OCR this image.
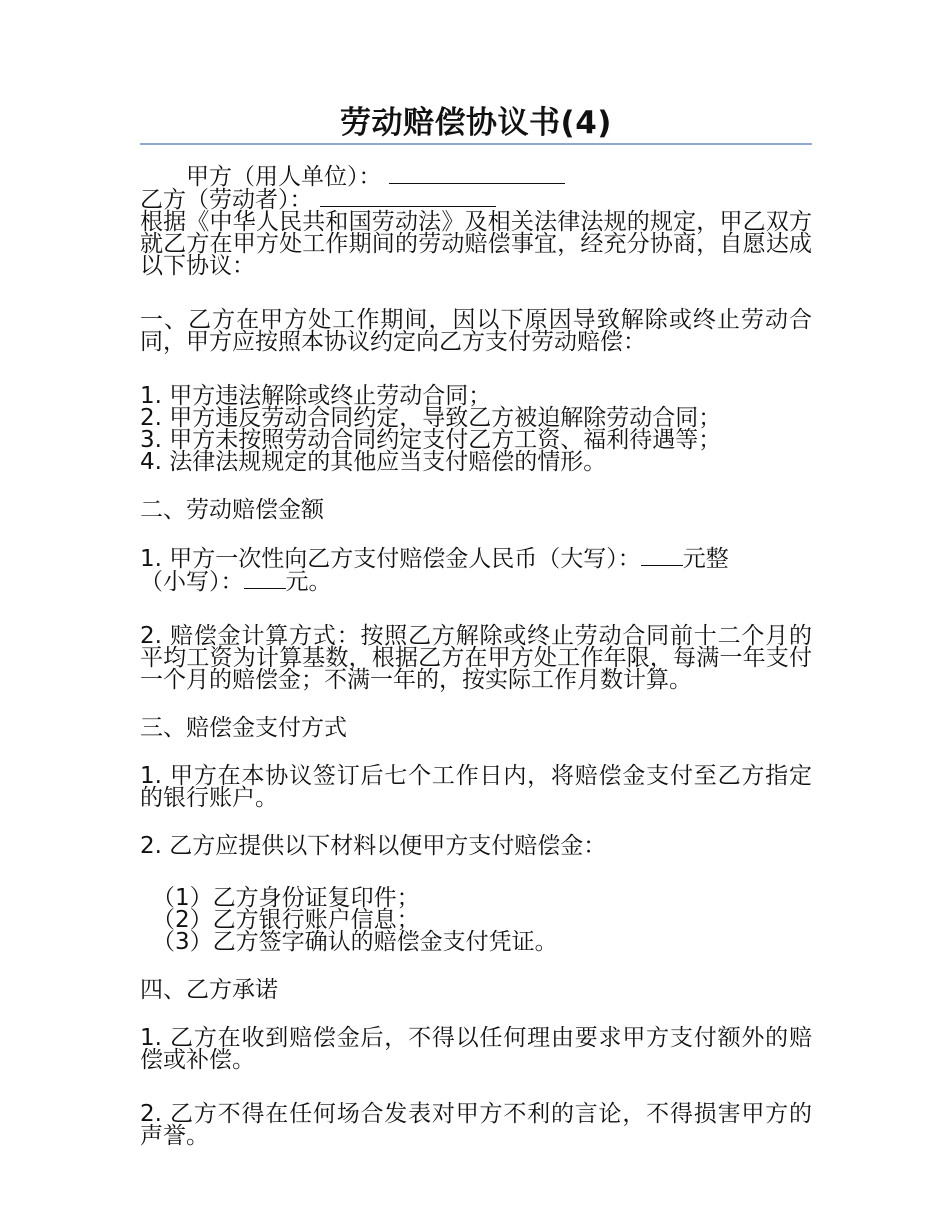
劳动赔偿协议书(4)
甲方（用人单位）：
乙方（劳动者）：

根据《中华人民共和国劳动法》及相关法律法规的规定，甲乙双方就乙方在甲方处工作期间的劳动赔偿事宜，经充分协商，自愿达成以下协议：

一、乙方在甲方处工作期间，因以下原因导致解除或终止劳动合同，甲方应按照本协议约定向乙方支付劳动赔偿：

1. 甲方违法解除或终止劳动合同；

2. 甲方违反劳动合同约定，导致乙方被迫解除劳动合同；

3. 甲方未按照劳动合同约定支付乙方工资、福利待遇等；

4. 法律法规规定的其他应当支付赔偿的情形。

二、劳动赔偿金额

1. 甲方一次性向乙方支付赔偿金人民币（大写）： 元整

（小写）： 元。

2. 赔偿金计算方式：按照乙方解除或终止劳动合同前十二个月的平均工资为计算基数，根据乙方在甲方处工作年限，每满一年支付一个月的赔偿金；不满一年的，按实际工作月数计算。

三、赔偿金支付方式

1. 甲方在本协议签订后七个工作日内，将赔偿金支付至乙方指定的银行账户。

2. 乙方应提供以下材料以便甲方支付赔偿金：

（1）乙方身份证复印件；

（2）乙方银行账户信息；

（3）乙方签字确认的赔偿金支付凭证。

四、乙方承诺

1. 乙方在收到赔偿金后，不得以任何理由要求甲方支付额外的赔偿或补偿。

2. 乙方不得在任何场合发表对甲方不利的言论，不得损害甲方的声誉。
